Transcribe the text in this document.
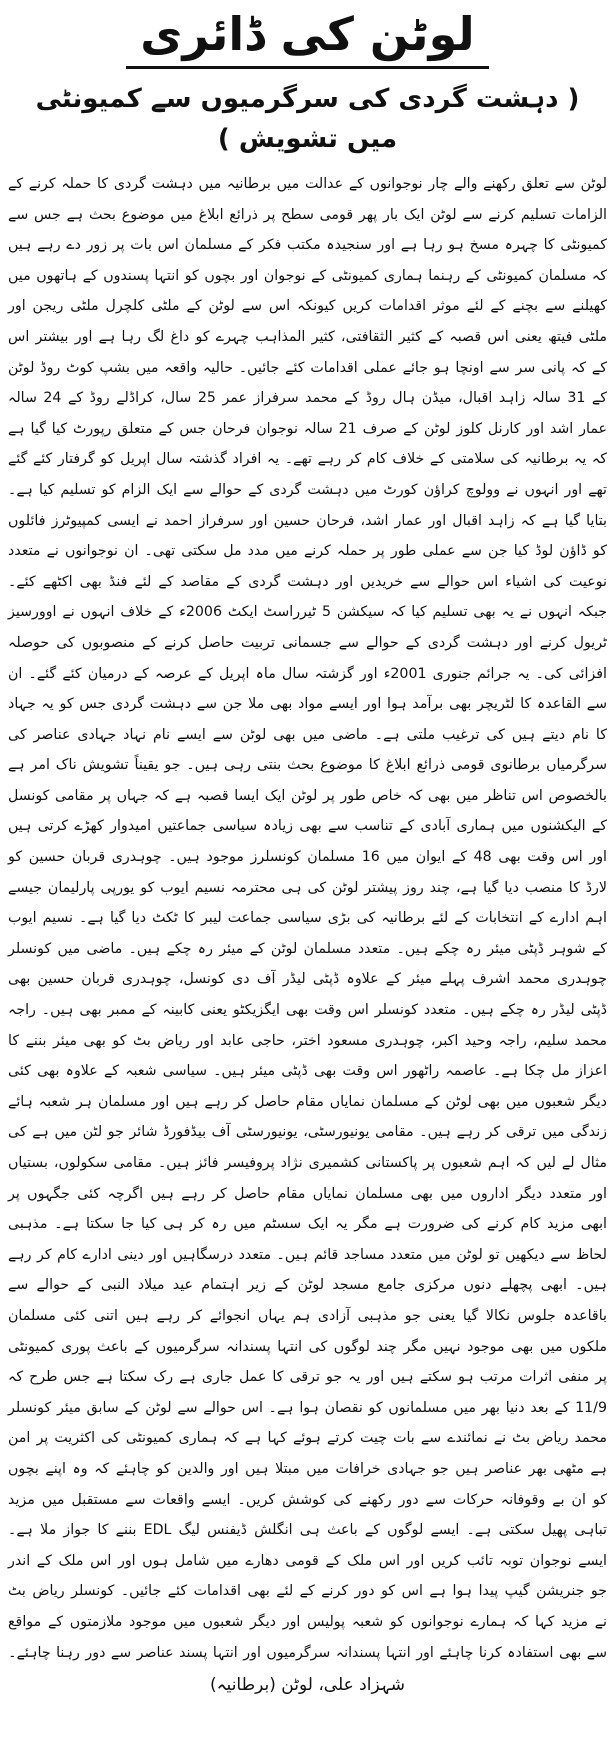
لوٹن کی ڈائری
( دہشت گردی کی سرگرمیوں سے کمیونٹی میں تشویش )
لوٹن سے تعلق رکھنے والے چار نوجوانوں کے عدالت میں برطانیہ میں دہشت گردی کا حملہ کرنے کے الزامات تسلیم کرنے سے لوٹن ایک بار پھر قومی سطح پر ذرائع ابلاغ میں موضوع بحث ہے جس سے کمیونٹی کا چہرہ مسخ ہو رہا ہے اور سنجیدہ مکتب فکر کے مسلمان اس بات پر زور دے رہے ہیں کہ مسلمان کمیونٹی کے رہنما ہماری کمیونٹی کے نوجوان اور بچوں کو انتہا پسندوں کے ہاتھوں میں کھیلنے سے بچنے کے لئے موثر اقدامات کریں کیونکہ اس سے لوٹن کے ملٹی کلچرل ملٹی ریجن اور ملٹی فیتھ یعنی اس قصبہ کے کثیر الثقافتی، کثیر المذاہب چہرے کو داغ لگ رہا ہے اور بیشتر اس کے کہ پانی سر سے اونچا ہو جائے عملی اقدامات کئے جائیں۔ حالیہ واقعہ میں بشپ کوٹ روڈ لوٹن کے 31 سالہ زاہد اقبال، میڈن ہال روڈ کے محمد سرفراز عمر 25 سال، کراڈلے روڈ کے 24 سالہ عمار اشد اور کارنل کلوز لوٹن کے صرف 21 سالہ نوجوان فرحان جس کے متعلق رپورٹ کیا گیا ہے کہ یہ برطانیہ کی سلامتی کے خلاف کام کر رہے تھے۔ یہ افراد گذشتہ سال اپریل کو گرفتار کئے گئے تھے اور انہوں نے وولوچ کراؤن کورٹ میں دہشت گردی کے حوالے سے ایک الزام کو تسلیم کیا ہے۔ بتایا گیا ہے کہ زاہد اقبال اور عمار اشد، فرحان حسین اور سرفراز احمد نے ایسی کمپیوٹرز فائلوں کو ڈاؤن لوڈ کیا جن سے عملی طور پر حملہ کرنے میں مدد مل سکتی تھی۔ ان نوجوانوں نے متعدد نوعیت کی اشیاء اس حوالے سے خریدیں اور دہشت گردی کے مقاصد کے لئے فنڈ بھی اکٹھے کئے۔ جبکہ انہوں نے یہ بھی تسلیم کیا کہ سیکشن 5 ٹیرراسٹ ایکٹ 2006ء کے خلاف انہوں نے اوورسیز ٹریول کرنے اور دہشت گردی کے حوالے سے جسمانی تربیت حاصل کرنے کے منصوبوں کی حوصلہ افزائی کی۔ یہ جرائم جنوری 2001ء اور گزشتہ سال ماہ اپریل کے عرصہ کے درمیان کئے گئے۔ ان سے القاعدہ کا لٹریچر بھی برآمد ہوا اور ایسے مواد بھی ملا جن سے دہشت گردی جس کو یہ جہاد کا نام دیتے ہیں کی ترغیب ملتی ہے۔ ماضی میں بھی لوٹن سے ایسے نام نہاد جہادی عناصر کی سرگرمیاں برطانوی قومی ذرائع ابلاغ کا موضوع بحث بنتی رہی ہیں۔ جو یقیناً تشویش ناک امر ہے بالخصوص اس تناظر میں بھی کہ خاص طور پر لوٹن ایک ایسا قصبہ ہے کہ جہاں پر مقامی کونسل کے الیکشنوں میں ہماری آبادی کے تناسب سے بھی زیادہ سیاسی جماعتیں امیدوار کھڑے کرتی ہیں اور اس وقت بھی 48 کے ایوان میں 16 مسلمان کونسلرز موجود ہیں۔ چوہدری قربان حسین کو لارڈ کا منصب دیا گیا ہے، چند روز پیشتر لوٹن کی ہی محترمہ نسیم ایوب کو یورپی پارلیمان جیسے اہم ادارے کے انتخابات کے لئے برطانیہ کی بڑی سیاسی جماعت لیبر کا ٹکٹ دیا گیا ہے۔ نسیم ایوب کے شوہر ڈپٹی میئر رہ چکے ہیں۔ متعدد مسلمان لوٹن کے میئر رہ چکے ہیں۔ ماضی میں کونسلر چوہدری محمد اشرف پہلے میئر کے علاوہ ڈپٹی لیڈر آف دی کونسل، چوہدری قربان حسین بھی ڈپٹی لیڈر رہ چکے ہیں۔ متعدد کونسلر اس وقت بھی ایگزیکٹو یعنی کابینہ کے ممبر بھی ہیں۔ راجہ محمد سلیم، راجہ وحید اکبر، چوہدری مسعود اختر، حاجی عابد اور ریاض بٹ کو بھی میئر بننے کا اعزاز مل چکا ہے۔ عاصمہ راٹھور اس وقت بھی ڈپٹی میئر ہیں۔ سیاسی شعبہ کے علاوہ بھی کئی دیگر شعبوں میں بھی لوٹن کے مسلمان نمایاں مقام حاصل کر رہے ہیں اور مسلمان ہر شعبہ ہائے زندگی میں ترقی کر رہے ہیں۔ مقامی یونیورسٹی، یونیورسٹی آف بیڈفورڈ شائر جو لٹن میں ہے کی مثال لے لیں کہ اہم شعبوں پر پاکستانی کشمیری نژاد پروفیسر فائز ہیں۔ مقامی سکولوں، بستیاں اور متعدد دیگر اداروں میں بھی مسلمان نمایاں مقام حاصل کر رہے ہیں اگرچہ کئی جگہوں پر ابھی مزید کام کرنے کی ضرورت ہے مگر یہ ایک سسٹم میں رہ کر ہی کیا جا سکتا ہے۔ مذہبی لحاظ سے دیکھیں تو لوٹن میں متعدد مساجد قائم ہیں۔ متعدد درسگاہیں اور دینی ادارے کام کر رہے ہیں۔ ابھی پچھلے دنوں مرکزی جامع مسجد لوٹن کے زیر اہتمام عید میلاد النبی کے حوالے سے باقاعدہ جلوس نکالا گیا یعنی جو مذہبی آزادی ہم یہاں انجوائے کر رہے ہیں اتنی کئی مسلمان ملکوں میں بھی موجود نہیں مگر چند لوگوں کی انتہا پسندانہ سرگرمیوں کے باعث پوری کمیونٹی پر منفی اثرات مرتب ہو سکتے ہیں اور یہ جو ترقی کا عمل جاری ہے رک سکتا ہے جس طرح کہ 11/9 کے بعد دنیا بھر میں مسلمانوں کو نقصان ہوا ہے۔ اس حوالے سے لوٹن کے سابق میئر کونسلر محمد ریاض بٹ نے نمائندے سے بات چیت کرتے ہوئے کہا ہے کہ ہماری کمیونٹی کی اکثریت پر امن ہے مٹھی بھر عناصر ہیں جو جہادی خرافات میں مبتلا ہیں اور والدین کو چاہئے کہ وہ اپنے بچوں کو ان بے وقوفانہ حرکات سے دور رکھنے کی کوشش کریں۔ ایسے واقعات سے مستقبل میں مزید تباہی پھیل سکتی ہے۔ ایسے لوگوں کے باعث ہی انگلش ڈیفنس لیگ EDL بننے کا جواز ملا ہے۔ ایسے نوجوان توبہ تائب کریں اور اس ملک کے قومی دھارے میں شامل ہوں اور اس ملک کے اندر جو جنریشن گیپ پیدا ہوا ہے اس کو دور کرنے کے لئے بھی اقدامات کئے جائیں۔ کونسلر ریاض بٹ نے مزید کہا کہ ہمارے نوجوانوں کو شعبہ پولیس اور دیگر شعبوں میں موجود ملازمتوں کے مواقع سے بھی استفادہ کرنا چاہئے اور انتہا پسندانہ سرگرمیوں اور انتہا پسند عناصر سے دور رہنا چاہئے۔
شہزاد علی، لوٹن (برطانیہ)
